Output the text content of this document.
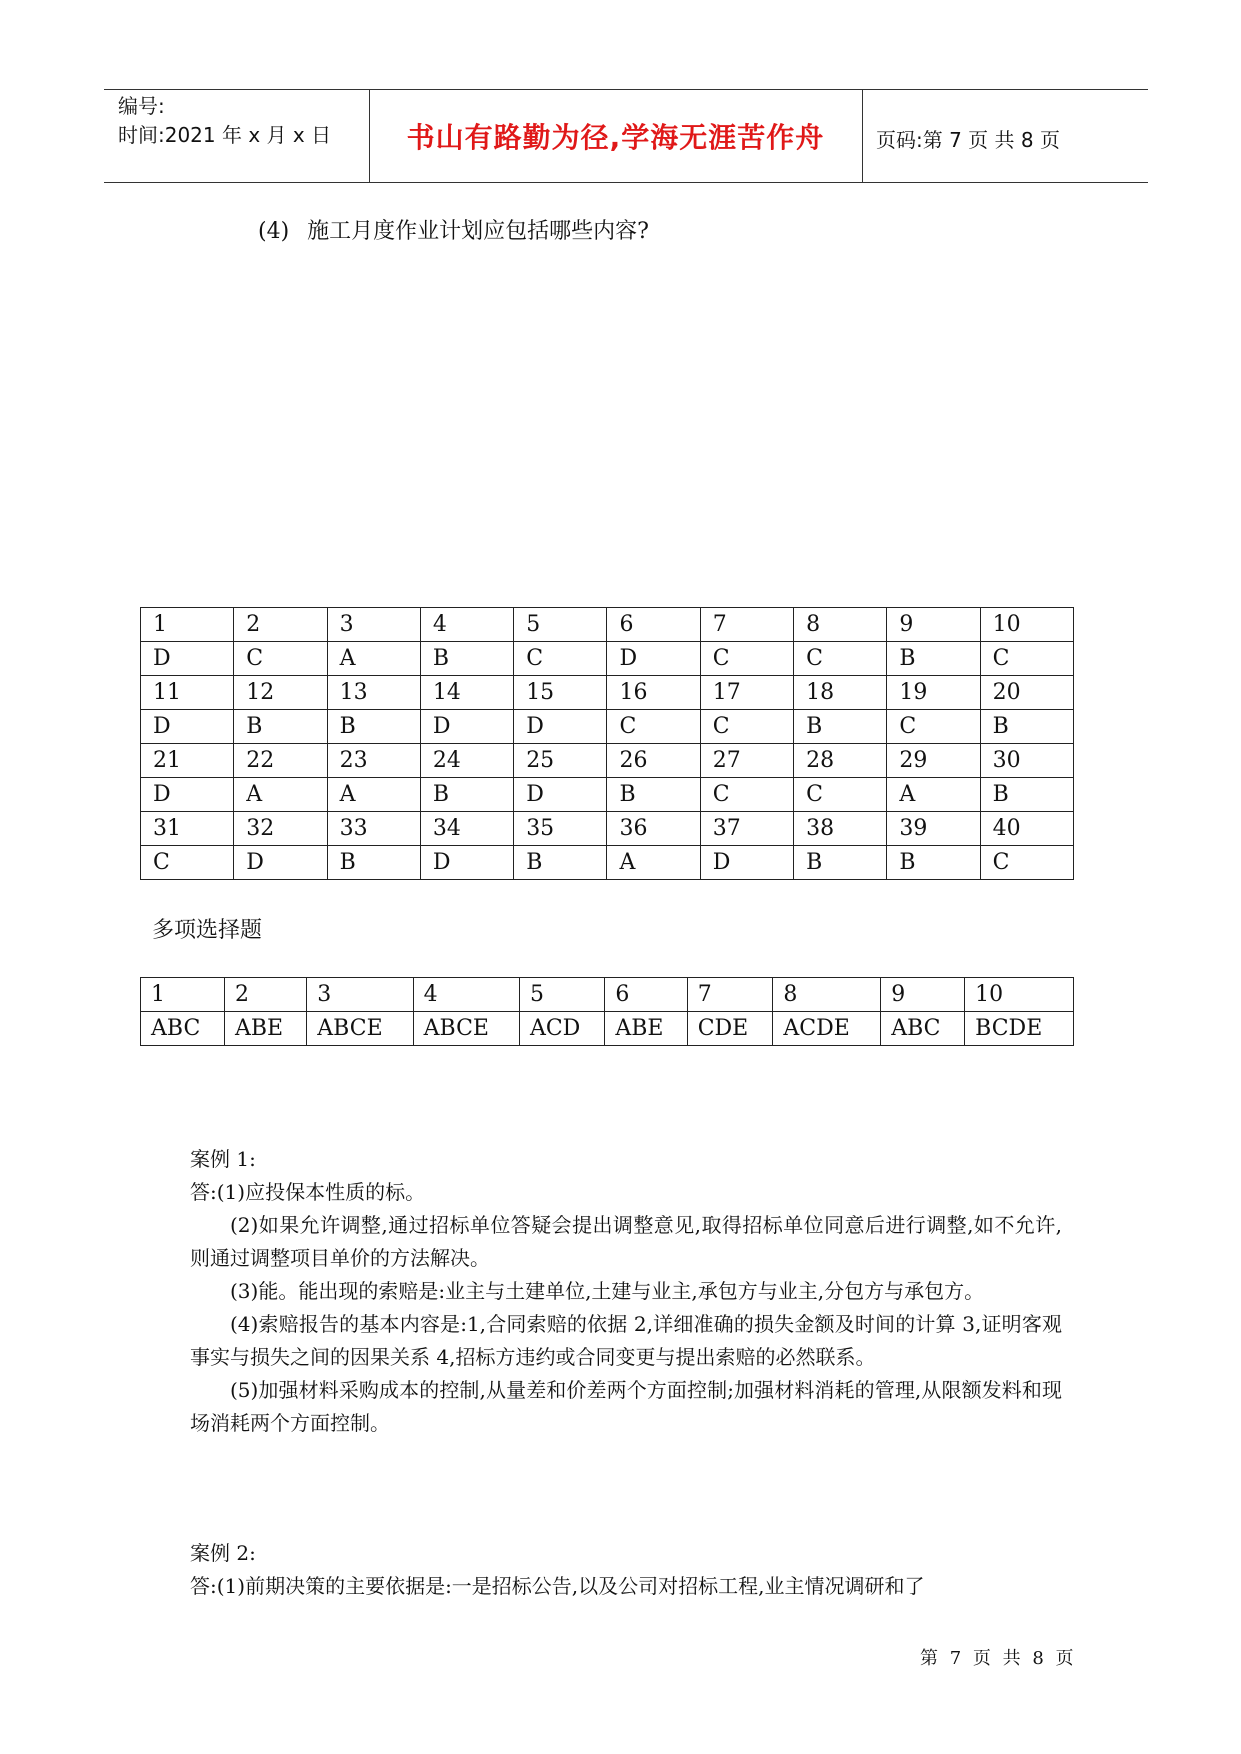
编号:
时间:2021 年 x 月 x 日	书山有路勤为径,学海无涯苦作舟	页码:第 7 页 共 8 页
(4) 施工月度作业计划应包括哪些内容?
1	2	3	4	5	6	7	8	9	10
D	C	A	B	C	D	C	C	B	C
11	12	13	14	15	16	17	18	19	20
D	B	B	D	D	C	C	B	C	B
21	22	23	24	25	26	27	28	29	30
D	A	A	B	D	B	C	C	A	B
31	32	33	34	35	36	37	38	39	40
C	D	B	D	B	A	D	B	B	C
多项选择题
1	2	3	4	5	6	7	8	9	10
ABC	ABE	ABCE	ABCE	ACD	ABE	CDE	ACDE	ABC	BCDE

案例 1:

答:(1)应投保本性质的标。

(2)如果允许调整,通过招标单位答疑会提出调整意见,取得招标单位同意后进行调整,如不允许,则通过调整项目单价的方法解决。

(3)能。能出现的索赔是:业主与土建单位,土建与业主,承包方与业主,分包方与承包方。

(4)索赔报告的基本内容是:1,合同索赔的依据 2,详细准确的损失金额及时间的计算 3,证明客观事实与损失之间的因果关系 4,招标方违约或合同变更与提出索赔的必然联系。

(5)加强材料采购成本的控制,从量差和价差两个方面控制;加强材料消耗的管理,从限额发料和现场消耗两个方面控制。

案例 2:

答:(1)前期决策的主要依据是:一是招标公告,以及公司对招标工程,业主情况调研和了

第 7 页 共 8 页
